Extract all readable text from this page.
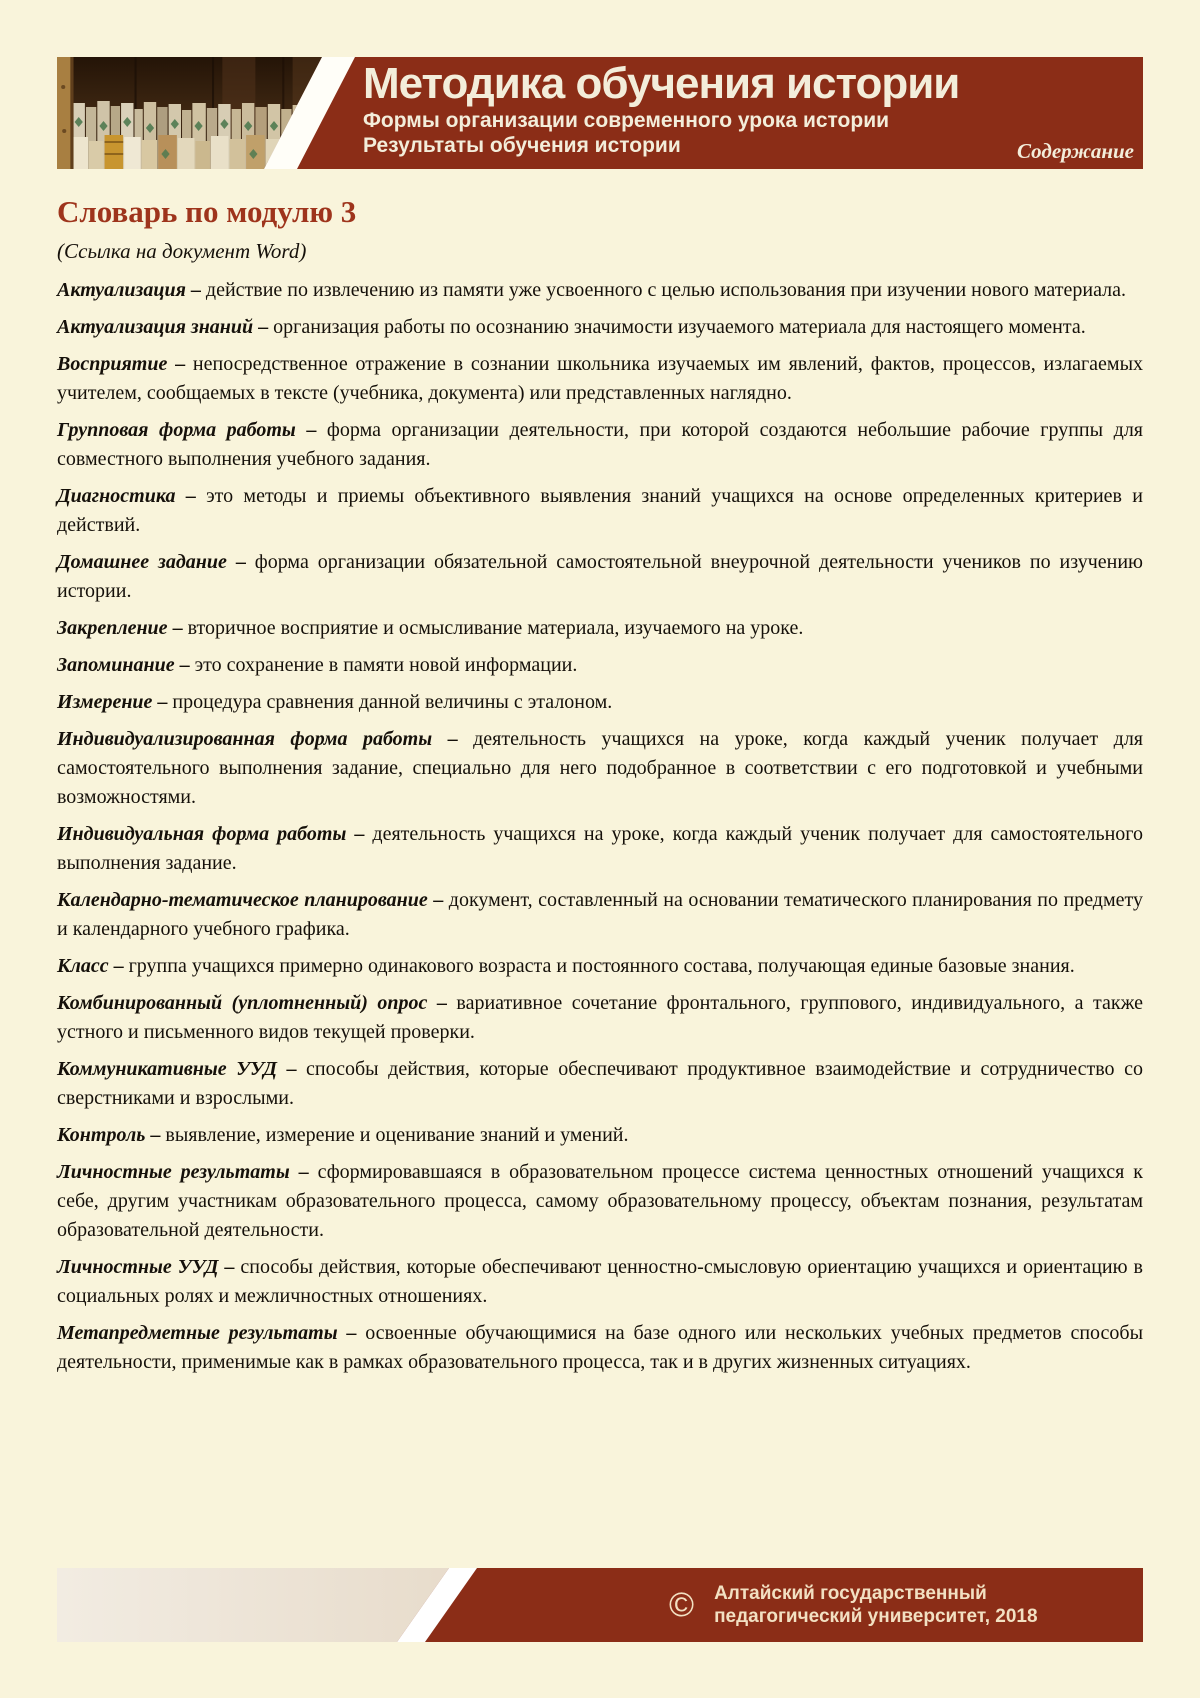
Методика обучения истории
Формы организации современного урока истории
Результаты обучения истории	Содержание
Словарь по модулю 3

(Ссылка на документ Word)

Актуализация – действие по извлечению из памяти уже усвоенного с целью использования при изучении нового материала.

Актуализация знаний – организация работы по осознанию значимости изучаемого материала для настоящего момента.

Восприятие – непосредственное отражение в сознании школьника изучаемых им явлений, фактов, процессов, излагаемых учителем, сообщаемых в тексте (учебника, документа) или представленных наглядно.

Групповая форма работы – форма организации деятельности, при которой создаются небольшие рабочие группы для совместного выполнения учебного задания.

Диагностика – это методы и приемы объективного выявления знаний учащихся на основе определенных критериев и действий.

Домашнее задание – форма организации обязательной самостоятельной внеурочной деятельности учеников по изучению истории.

Закрепление – вторичное восприятие и осмысливание материала, изучаемого на уроке.

Запоминание – это сохранение в памяти новой информации.

Измерение – процедура сравнения данной величины с эталоном.

Индивидуализированная форма работы – деятельность учащихся на уроке, когда каждый ученик получает для самостоятельного выполнения задание, специально для него подобранное в соответствии с его подготовкой и учебными возможностями.

Индивидуальная форма работы – деятельность учащихся на уроке, когда каждый ученик получает для самостоятельного выполнения задание.

Календарно-тематическое планирование – документ, составленный на основании тематического планирования по предмету и календарного учебного графика.

Класс – группа учащихся примерно одинакового возраста и постоянного состава, получающая единые базовые знания.

Комбинированный (уплотненный) опрос – вариативное сочетание фронтального, группового, индивидуального, а также устного и письменного видов текущей проверки.

Коммуникативные УУД – способы действия, которые обеспечивают продуктивное взаимодействие и сотрудничество со сверстниками и взрослыми.

Контроль – выявление, измерение и оценивание знаний и умений.

Личностные результаты – сформировавшаяся в образовательном процессе система ценностных отношений учащихся к себе, другим участникам образовательного процесса, самому образовательному процессу, объектам познания, результатам образовательной деятельности.

Личностные УУД – способы действия, которые обеспечивают ценностно-смысловую ориентацию учащихся и ориентацию в социальных ролях и межличностных отношениях.

Метапредметные результаты – освоенные обучающимися на базе одного или нескольких учебных предметов способы деятельности, применимые как в рамках образовательного процесса, так и в других жизненных ситуациях.

© Алтайский государственный
педагогический университет, 2018
